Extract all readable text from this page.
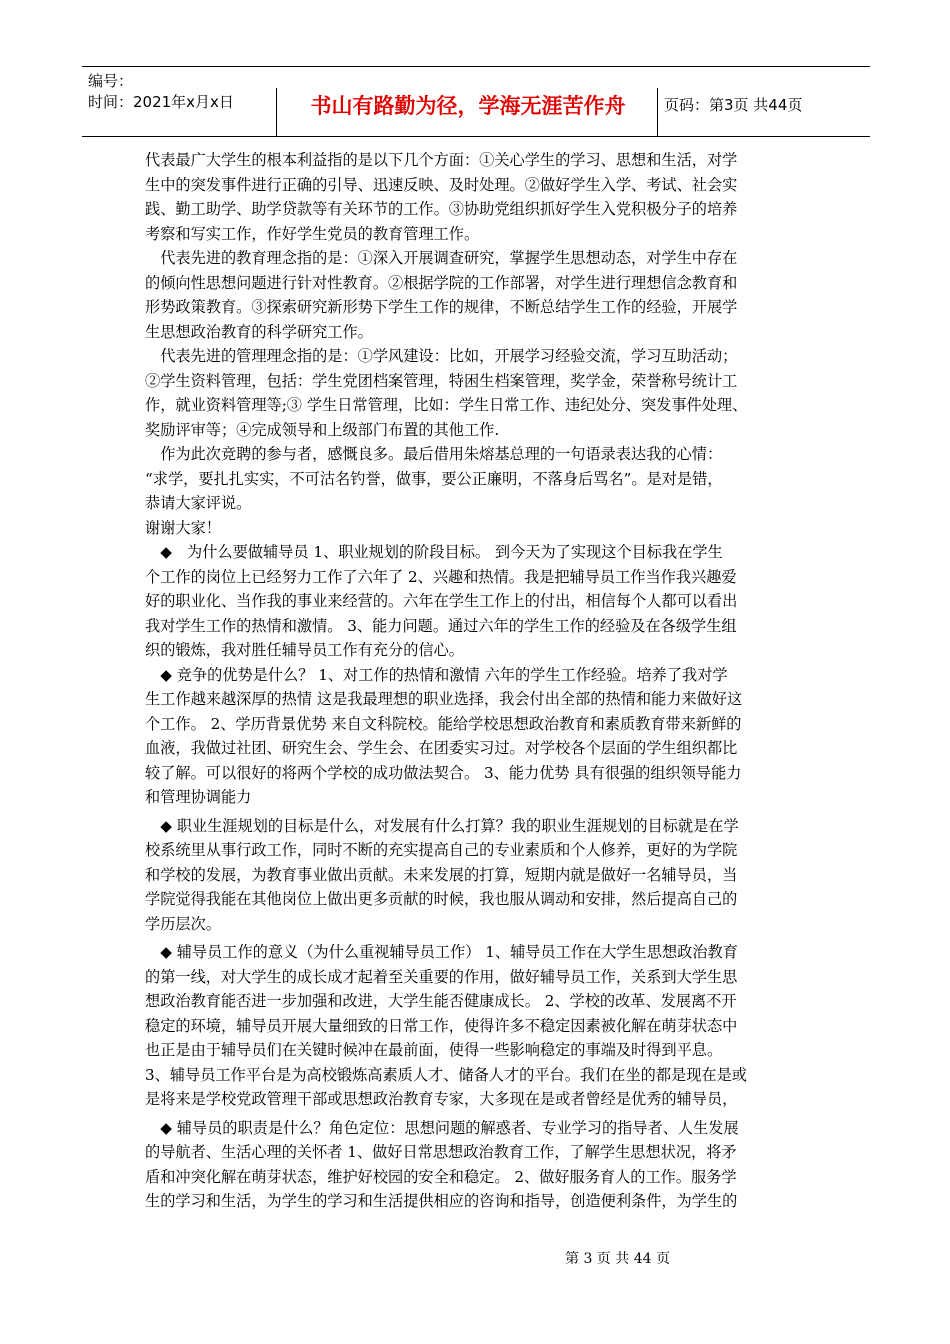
编号：
时间：2021年x月x日	书山有路勤为径，学海无涯苦作舟	页码：第3页 共44页
代表最广大学生的根本利益指的是以下几个方面：①关心学生的学习、思想和生活，对学
生中的突发事件进行正确的引导、迅速反映、及时处理。②做好学生入学、考试、社会实
践、勤工助学、助学贷款等有关环节的工作。③协助党组织抓好学生入党积极分子的培养
考察和写实工作，作好学生党员的教育管理工作。
　代表先进的教育理念指的是：①深入开展调查研究，掌握学生思想动态，对学生中存在
的倾向性思想问题进行针对性教育。②根据学院的工作部署，对学生进行理想信念教育和
形势政策教育。③探索研究新形势下学生工作的规律，不断总结学生工作的经验，开展学
生思想政治教育的科学研究工作。
　代表先进的管理理念指的是：①学风建设：比如，开展学习经验交流，学习互助活动；
②学生资料管理，包括：学生党团档案管理，特困生档案管理，奖学金，荣誉称号统计工
作，就业资料管理等;③ 学生日常管理，比如：学生日常工作、违纪处分、突发事件处理、
奖励评审等；④完成领导和上级部门布置的其他工作.
　作为此次竞聘的参与者，感慨良多。最后借用朱熔基总理的一句语录表达我的心情：
“求学，要扎扎实实，不可沽名钓誉，做事，要公正廉明，不落身后骂名”。是对是错，
恭请大家评说。
谢谢大家！
　◆　为什么要做辅导员 1、职业规划的阶段目标。 到今天为了实现这个目标我在学生
个工作的岗位上已经努力工作了六年了 2、兴趣和热情。我是把辅导员工作当作我兴趣爱
好的职业化、当作我的事业来经营的。六年在学生工作上的付出，相信每个人都可以看出
我对学生工作的热情和激情。 3、能力问题。通过六年的学生工作的经验及在各级学生组
织的锻炼，我对胜任辅导员工作有充分的信心。
　◆ 竞争的优势是什么？ 1、对工作的热情和激情 六年的学生工作经验。培养了我对学
生工作越来越深厚的热情 这是我最理想的职业选择，我会付出全部的热情和能力来做好这
个工作。 2、学历背景优势 来自文科院校。能给学校思想政治教育和素质教育带来新鲜的
血液，我做过社团、研究生会、学生会、在团委实习过。对学校各个层面的学生组织都比
较了解。可以很好的将两个学校的成功做法契合。 3、能力优势 具有很强的组织领导能力
和管理协调能力
　◆ 职业生涯规划的目标是什么，对发展有什么打算？我的职业生涯规划的目标就是在学
校系统里从事行政工作，同时不断的充实提高自己的专业素质和个人修养，更好的为学院
和学校的发展，为教育事业做出贡献。未来发展的打算，短期内就是做好一名辅导员，当
学院觉得我能在其他岗位上做出更多贡献的时候，我也服从调动和安排，然后提高自己的
学历层次。
　◆ 辅导员工作的意义（为什么重视辅导员工作） 1、辅导员工作在大学生思想政治教育
的第一线，对大学生的成长成才起着至关重要的作用，做好辅导员工作，关系到大学生思
想政治教育能否进一步加强和改进，大学生能否健康成长。 2、学校的改革、发展离不开
稳定的环境，辅导员开展大量细致的日常工作，使得许多不稳定因素被化解在萌芽状态中
也正是由于辅导员们在关键时候冲在最前面，使得一些影响稳定的事端及时得到平息。
3、辅导员工作平台是为高校锻炼高素质人才、储备人才的平台。我们在坐的都是现在是或
是将来是学校党政管理干部或思想政治教育专家，大多现在是或者曾经是优秀的辅导员，
　◆ 辅导员的职责是什么？角色定位：思想问题的解惑者、专业学习的指导者、人生发展
的导航者、生活心理的关怀者 1、做好日常思想政治教育工作，了解学生思想状况，将矛
盾和冲突化解在萌芽状态，维护好校园的安全和稳定。 2、做好服务育人的工作。服务学
生的学习和生活，为学生的学习和生活提供相应的咨询和指导，创造便利条件，为学生的
第 3 页 共 44 页
